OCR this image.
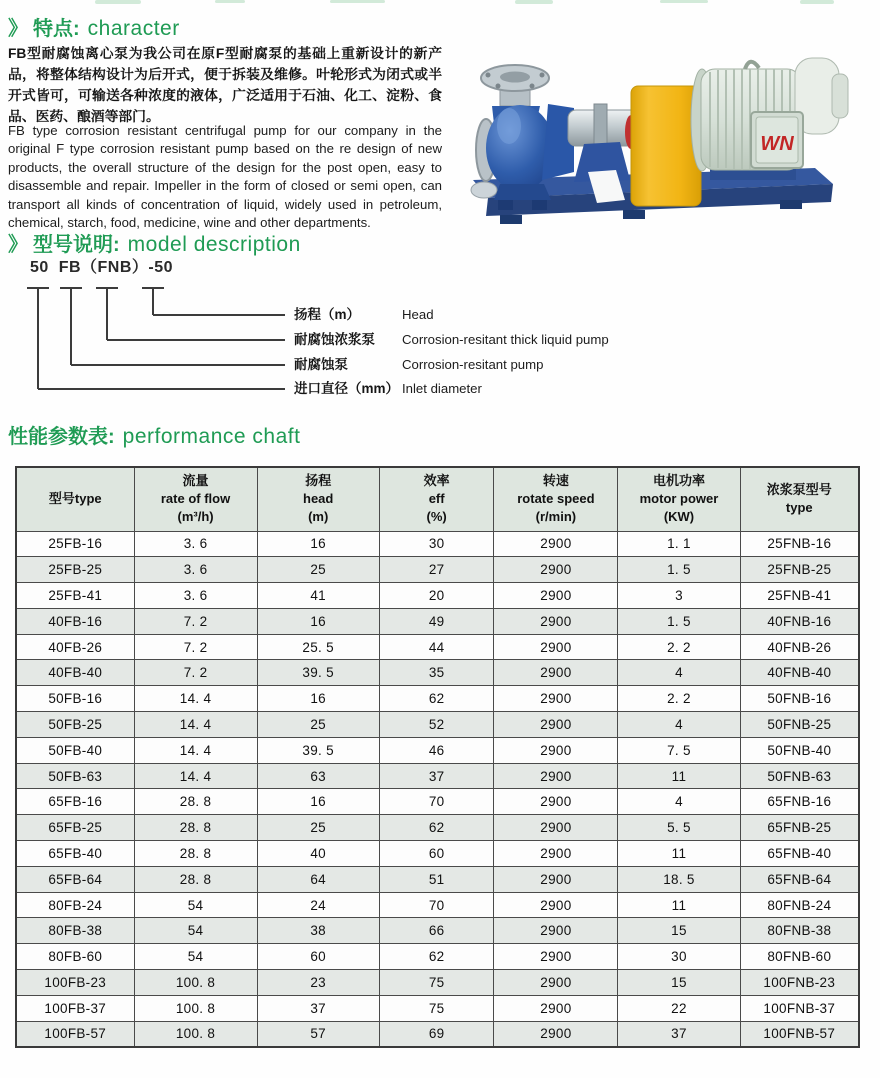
》 特点: character

FB型耐腐蚀离心泵为我公司在原F型耐腐泵的基础上重新设计的新产品，将整体结构设计为后开式，便于拆装及维修。叶轮形式为闭式或半开式皆可，可输送各种浓度的液体，广泛适用于石油、化工、淀粉、食品、医药、酿酒等部门。

FB type corrosion resistant centrifugal pump for our company in the original F type corrosion resistant pump based on the re design of new products, the overall structure of the design for the post open, easy to disassemble and repair. Impeller in the form of closed or semi open, can transport all kinds of concentration of liquid, widely used in petroleum, chemical, starch, food, medicine, wine and other departments.

WN
》 型号说明: model description
50  FB（FNB）-50
扬程（m）	Head
耐腐蚀浓浆泵 Corrosion-resitant thick liquid pump
耐腐蚀泵	Corrosion-resitant pump
进口直径（mm） Inlet diameter
性能参数表: performance chaft
型号type

流量
rate of flow
(m³/h)

扬程
head
(m)

效率
eff
(%)

转速
rotate speed
(r/min)

电机功率
motor power
(KW)

浓浆泵型号
type

25FB-16	3. 6	16	30	2900	1. 1	25FNB-16
25FB-25	3. 6	25	27	2900	1. 5	25FNB-25
25FB-41	3. 6	41	20	2900	3	25FNB-41
40FB-16	7. 2	16	49	2900	1. 5	40FNB-16
40FB-26	7. 2	25. 5	44	2900	2. 2	40FNB-26
40FB-40	7. 2	39. 5	35	2900	4	40FNB-40
50FB-16	14. 4	16	62	2900	2. 2	50FNB-16
50FB-25	14. 4	25	52	2900	4	50FNB-25
50FB-40	14. 4	39. 5	46	2900	7. 5	50FNB-40
50FB-63	14. 4	63	37	2900	11	50FNB-63
65FB-16	28. 8	16	70	2900	4	65FNB-16
65FB-25	28. 8	25	62	2900	5. 5	65FNB-25
65FB-40	28. 8	40	60	2900	11	65FNB-40
65FB-64	28. 8	64	51	2900	18. 5	65FNB-64
80FB-24	54	24	70	2900	11	80FNB-24
80FB-38	54	38	66	2900	15	80FNB-38
80FB-60	54	60	62	2900	30	80FNB-60
100FB-23	100. 8	23	75	2900	15	100FNB-23
100FB-37	100. 8	37	75	2900	22	100FNB-37
100FB-57	100. 8	57	69	2900	37	100FNB-57
